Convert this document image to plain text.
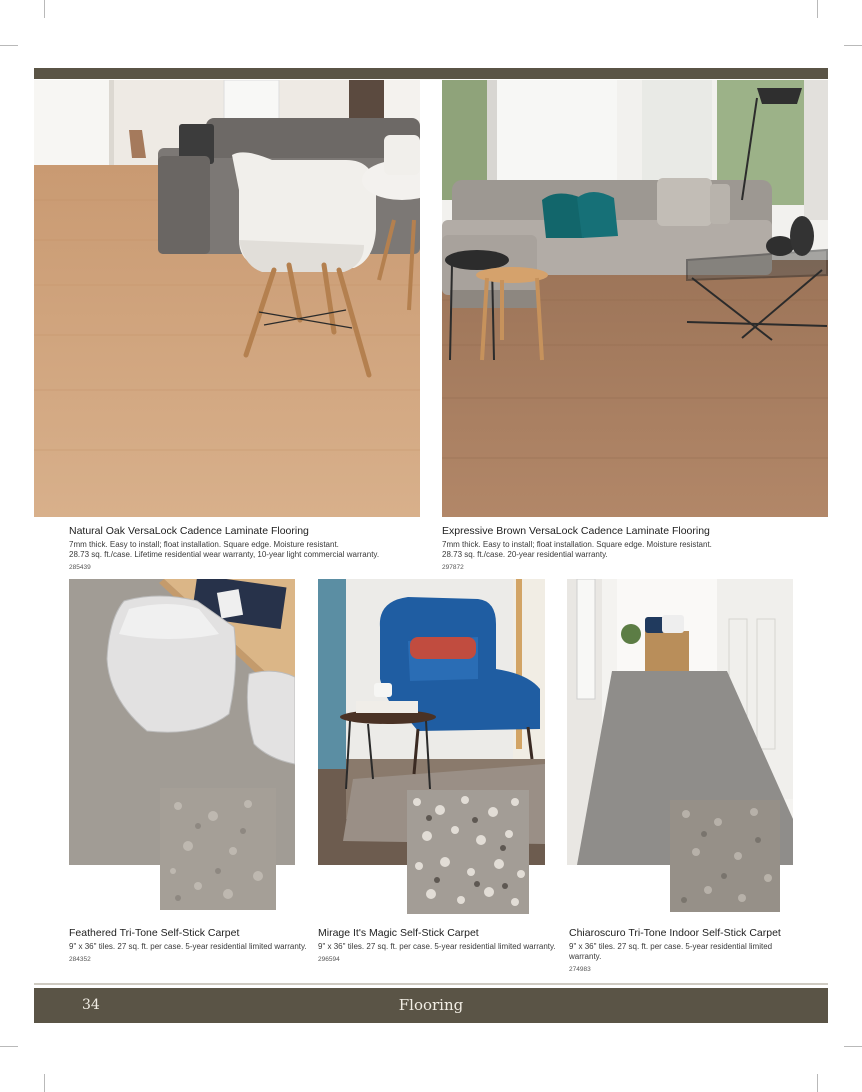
Natural Oak VersaLock Cadence Laminate Flooring
7mm thick. Easy to install; float installation. Square edge. Moisture resistant.
28.73 sq. ft./case. Lifetime residential wear warranty, 10-year light commercial warranty.
285439
Expressive Brown VersaLock Cadence Laminate Flooring
7mm thick. Easy to install; float installation. Square edge. Moisture resistant.
28.73 sq. ft./case. 20-year residential warranty.
297872
Feathered Tri-Tone Self-Stick Carpet
9" x 36" tiles. 27 sq. ft. per case. 5-year residential limited warranty.
284352
Mirage It's Magic Self-Stick Carpet
9" x 36" tiles. 27 sq. ft. per case. 5-year residential limited warranty.
296594
Chiaroscuro Tri-Tone Indoor Self-Stick Carpet
9" x 36" tiles. 27 sq. ft. per case. 5-year residential limited warranty.
274983
34	Flooring
